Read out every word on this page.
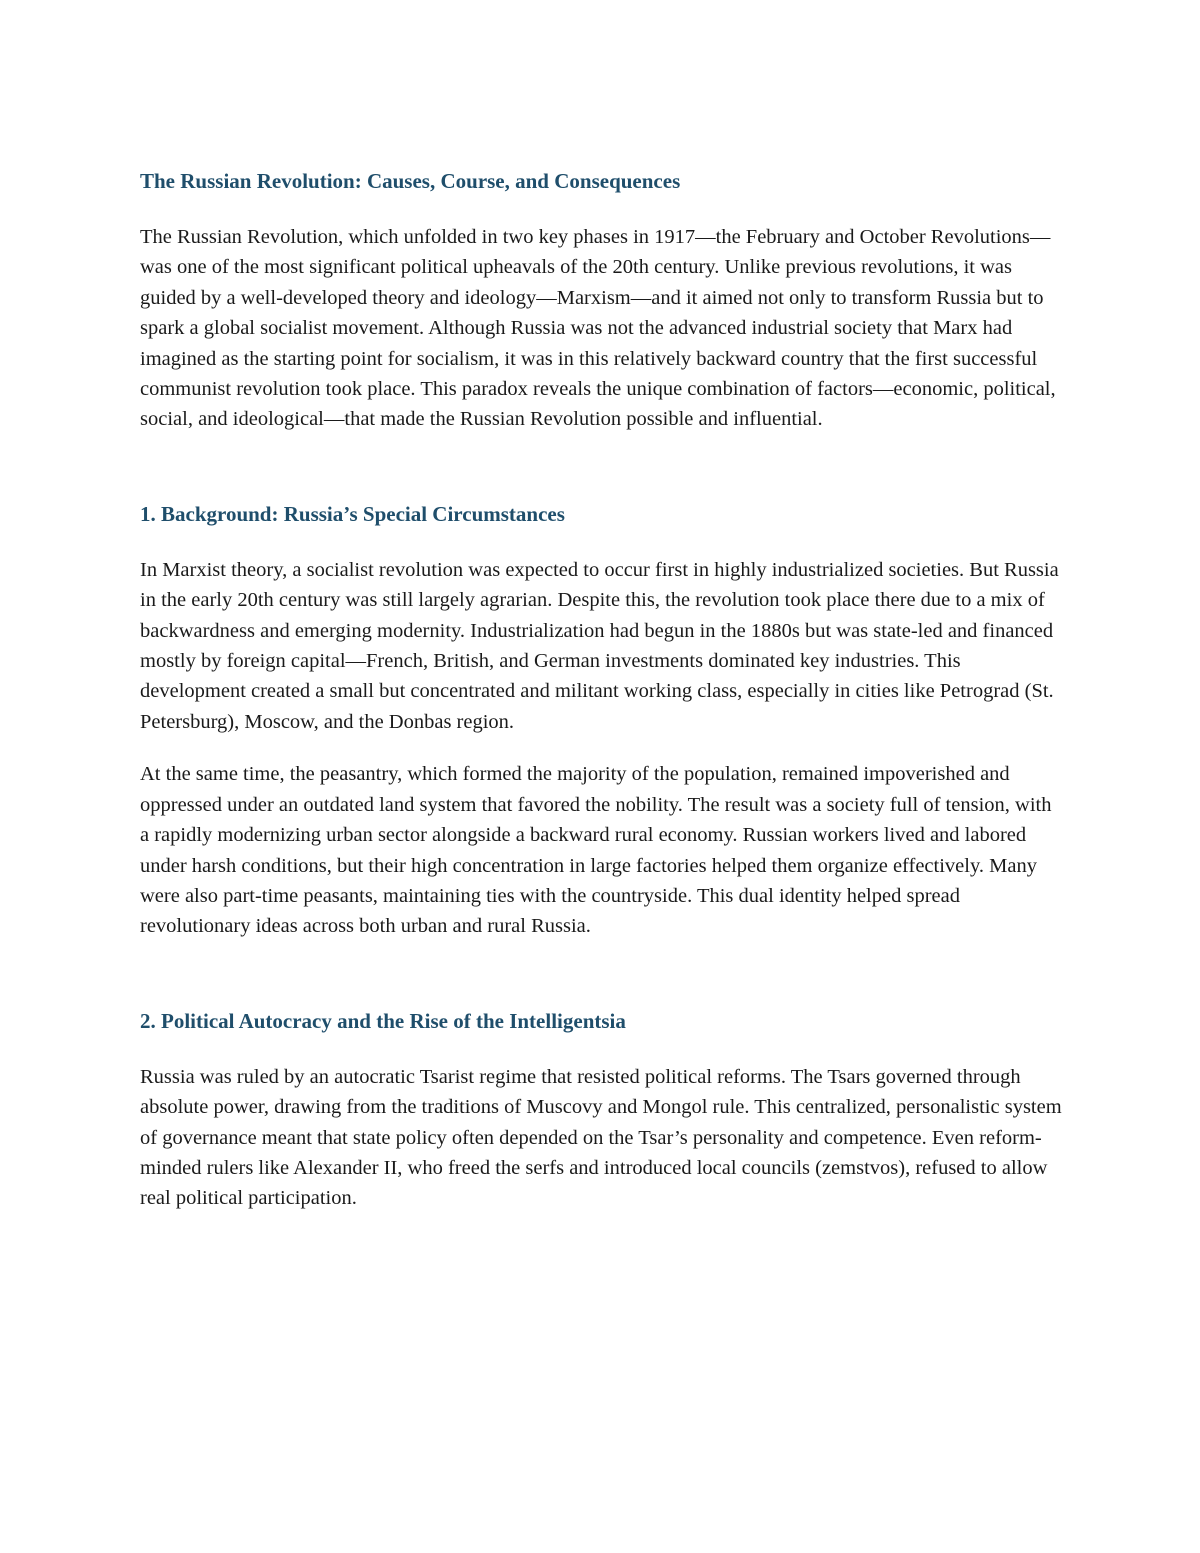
The Russian Revolution: Causes, Course, and Consequences

The Russian Revolution, which unfolded in two key phases in 1917—the February and October Revolutions—was one of the most significant political upheavals of the 20th century. Unlike previous revolutions, it was guided by a well-developed theory and ideology—Marxism—and it aimed not only to transform Russia but to spark a global socialist movement. Although Russia was not the advanced industrial society that Marx had imagined as the starting point for socialism, it was in this relatively backward country that the first successful communist revolution took place. This paradox reveals the unique combination of factors—economic, political, social, and ideological—that made the Russian Revolution possible and influential.

1. Background: Russia’s Special Circumstances

In Marxist theory, a socialist revolution was expected to occur first in highly industrialized societies. But Russia in the early 20th century was still largely agrarian. Despite this, the revolution took place there due to a mix of backwardness and emerging modernity. Industrialization had begun in the 1880s but was state-led and financed mostly by foreign capital—French, British, and German investments dominated key industries. This development created a small but concentrated and militant working class, especially in cities like Petrograd (St. Petersburg), Moscow, and the Donbas region.

At the same time, the peasantry, which formed the majority of the population, remained impoverished and oppressed under an outdated land system that favored the nobility. The result was a society full of tension, with a rapidly modernizing urban sector alongside a backward rural economy. Russian workers lived and labored under harsh conditions, but their high concentration in large factories helped them organize effectively. Many were also part-time peasants, maintaining ties with the countryside. This dual identity helped spread revolutionary ideas across both urban and rural Russia.

2. Political Autocracy and the Rise of the Intelligentsia

Russia was ruled by an autocratic Tsarist regime that resisted political reforms. The Tsars governed through absolute power, drawing from the traditions of Muscovy and Mongol rule. This centralized, personalistic system of governance meant that state policy often depended on the Tsar’s personality and competence. Even reform-minded rulers like Alexander II, who freed the serfs and introduced local councils (zemstvos), refused to allow real political participation.
